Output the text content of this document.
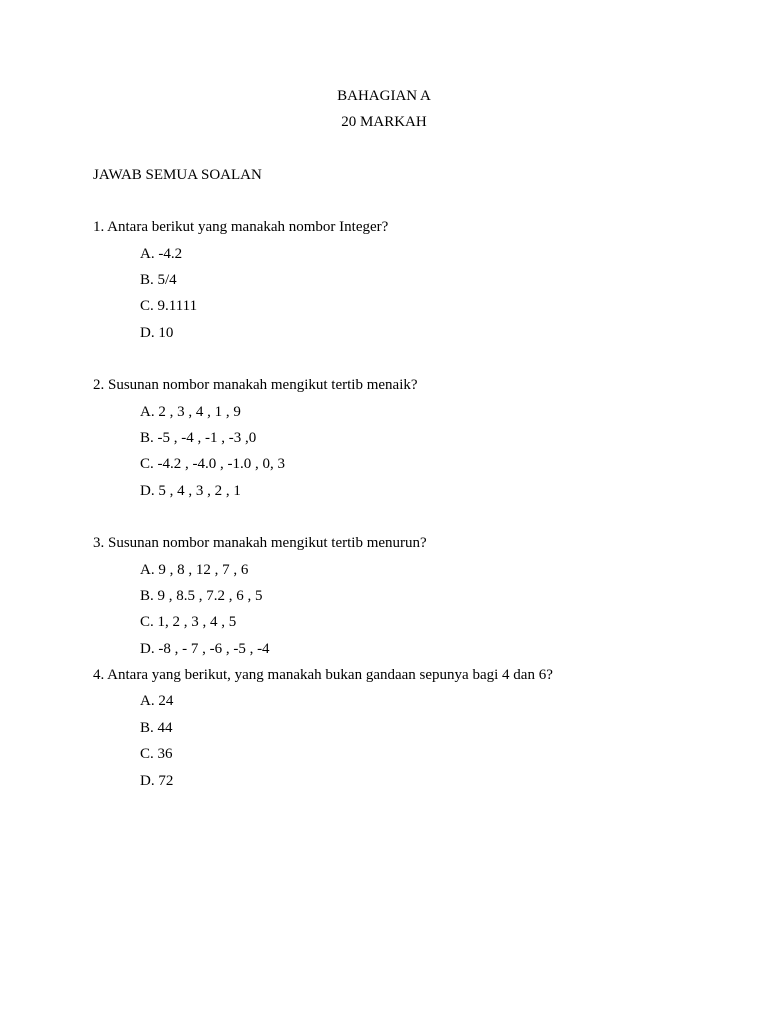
BAHAGIAN A
20 MARKAH
JAWAB SEMUA SOALAN
1. Antara berikut yang manakah nombor Integer?
A. -4.2
B. 5/4
C. 9.1111
D. 10
2. Susunan nombor manakah mengikut tertib menaik?
A. 2 , 3 , 4 , 1 , 9
B. -5 , -4 , -1 , -3 ,0
C. -4.2 , -4.0 , -1.0 , 0, 3
D. 5 , 4 , 3 , 2 , 1
3. Susunan nombor manakah mengikut tertib menurun?
A. 9 , 8 , 12 , 7 , 6
B. 9 , 8.5 , 7.2 , 6 , 5
C. 1, 2 , 3 , 4 , 5
D. -8 , - 7 , -6 , -5 , -4
4. Antara yang berikut, yang manakah bukan gandaan sepunya bagi 4 dan 6?
A. 24
B. 44
C. 36
D. 72
